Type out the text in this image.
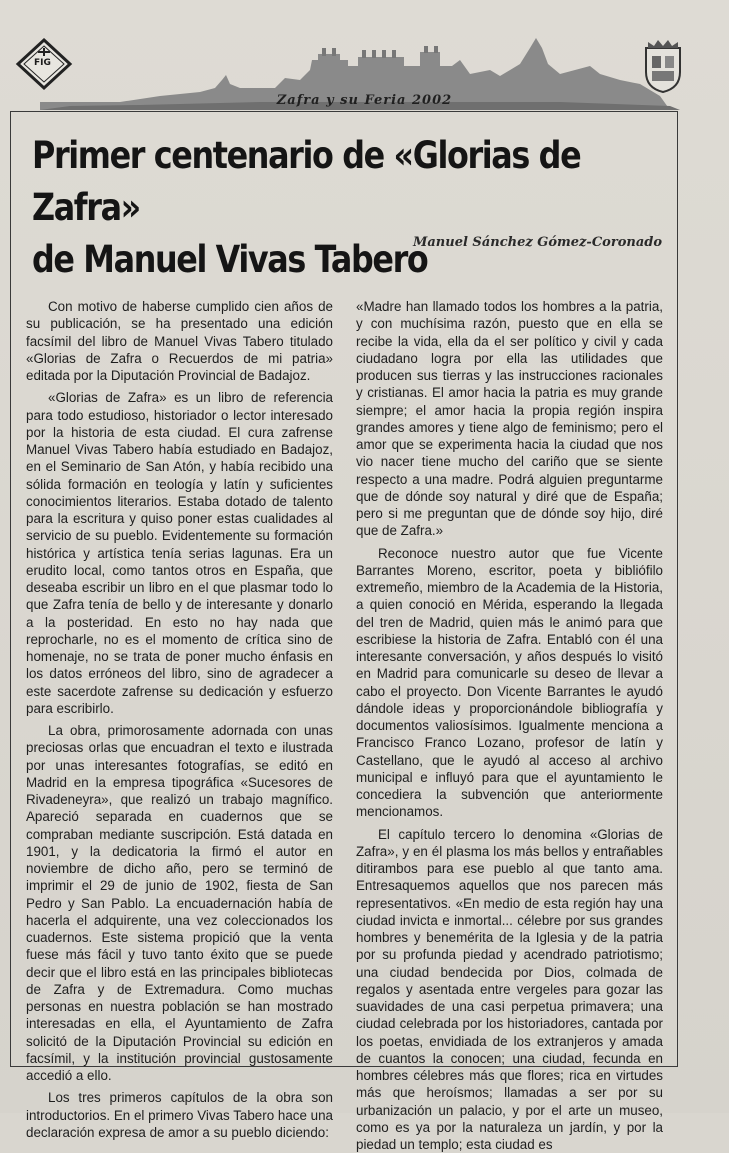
FIG
Zafra y su Feria 2002
Primer centenario de «Glorias de Zafra»
de Manuel Vivas Tabero
Manuel Sánchez Gómez-Coronado

Con motivo de haberse cumplido cien años de su publicación, se ha presentado una edición facsímil del libro de Manuel Vivas Tabero titulado «Glorias de Zafra o Recuerdos de mi patria» editada por la Diputación Provincial de Badajoz.

«Glorias de Zafra» es un libro de referencia para todo estudioso, historiador o lector interesado por la historia de esta ciudad. El cura zafrense Manuel Vivas Tabero había estudiado en Badajoz, en el Seminario de San Atón, y había recibido una sólida formación en teología y latín y suficientes conocimientos literarios. Estaba dotado de talento para la escritura y quiso poner estas cualidades al servicio de su pueblo. Evidentemente su formación histórica y artística tenía serias lagunas. Era un erudito local, como tantos otros en España, que deseaba escribir un libro en el que plasmar todo lo que Zafra tenía de bello y de interesante y donarlo a la posteridad. En esto no hay nada que reprocharle, no es el momento de crítica sino de homenaje, no se trata de poner mucho énfasis en los datos erróneos del libro, sino de agradecer a este sacerdote zafrense su dedicación y esfuerzo para escribirlo.

La obra, primorosamente adornada con unas preciosas orlas que encuadran el texto e ilustrada por unas interesantes fotografías, se editó en Madrid en la empresa tipográfica «Sucesores de Rivadeneyra», que realizó un trabajo magnífico. Apareció separada en cuadernos que se compraban mediante suscripción. Está datada en 1901, y la dedicatoria la firmó el autor en noviembre de dicho año, pero se terminó de imprimir el 29 de junio de 1902, fiesta de San Pedro y San Pablo. La encuadernación había de hacerla el adquirente, una vez coleccionados los cuadernos. Este sistema propició que la venta fuese más fácil y tuvo tanto éxito que se puede decir que el libro está en las principales bibliotecas de Zafra y de Extremadura. Como muchas personas en nuestra población se han mostrado interesadas en ella, el Ayuntamiento de Zafra solicitó de la Diputación Provincial su edición en facsímil, y la institución provincial gustosamente accedió a ello.

Los tres primeros capítulos de la obra son introductorios. En el primero Vivas Tabero hace una declaración expresa de amor a su pueblo diciendo:

«Madre han llamado todos los hombres a la patria, y con muchísima razón, puesto que en ella se recibe la vida, ella da el ser político y civil y cada ciudadano logra por ella las utilidades que producen sus tierras y las instrucciones racionales y cristianas. El amor hacia la patria es muy grande siempre; el amor hacia la propia región inspira grandes amores y tiene algo de feminismo; pero el amor que se experimenta hacia la ciudad que nos vio nacer tiene mucho del cariño que se siente respecto a una madre. Podrá alguien preguntarme que de dónde soy natural y diré que de España; pero si me preguntan que de dónde soy hijo, diré que de Zafra.»

Reconoce nuestro autor que fue Vicente Barrantes Moreno, escritor, poeta y bibliófilo extremeño, miembro de la Academia de la Historia, a quien conoció en Mérida, esperando la llegada del tren de Madrid, quien más le animó para que escribiese la historia de Zafra. Entabló con él una interesante conversación, y años después lo visitó en Madrid para comunicarle su deseo de llevar a cabo el proyecto. Don Vicente Barrantes le ayudó dándole ideas y proporcionándole bibliografía y documentos valiosísimos. Igualmente menciona a Francisco Franco Lozano, profesor de latín y Castellano, que le ayudó al acceso al archivo municipal e influyó para que el ayuntamiento le concediera la subvención que anteriormente mencionamos.

El capítulo tercero lo denomina «Glorias de Zafra», y en él plasma los más bellos y entrañables ditirambos para ese pueblo al que tanto ama. Entresaquemos aquellos que nos parecen más representativos. «En medio de esta región hay una ciudad invicta e inmortal... célebre por sus grandes hombres y benemérita de la Iglesia y de la patria por su profunda piedad y acendrado patriotismo; una ciudad bendecida por Dios, colmada de regalos y asentada entre vergeles para gozar las suavidades de una casi perpetua primavera; una ciudad celebrada por los historiadores, cantada por los poetas, envidiada de los extranjeros y amada de cuantos la conocen; una ciudad, fecunda en hombres célebres más que flores; rica en virtudes más que heroísmos; llamadas a ser por su urbanización un palacio, y por el arte un museo, como es ya por la naturaleza un jardín, y por la piedad un templo; esta ciudad es
